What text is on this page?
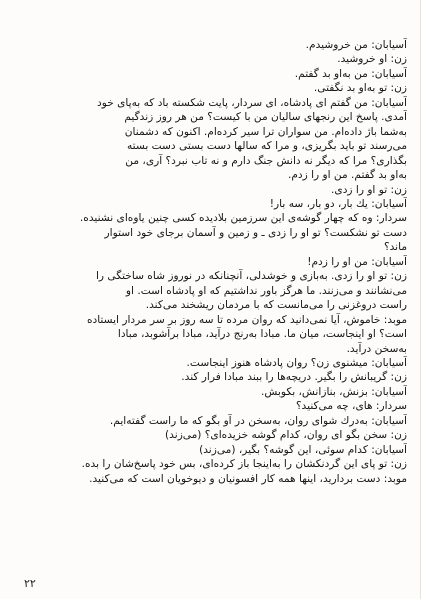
آسیابان: من خروشیدم.
زن: او خروشید.
آسیابان: من به‌او بد گفتم.
زن: تو به‌او بد نگفتی.
آسیابان: من گفتم ای پادشاه، ای سردار، پایت شکسته باد که به‌پای خود
آمدی. پاسخ این رنجهای سالیان من با کیست؟ من هر روز زندگیم
به‌شما باژ داده‌ام. من سواران ترا سیر کرده‌ام. اکنون که دشمنان
می‌رسند تو باید بگریزی، و مرا که سالها دست بستی دست بسته
بگذاری؟ مرا که دیگر نه دانش جنگ دارم و نه تاب نبرد؟ آری، من
به‌او بد گفتم. من او را زدم.
زن: تو او را زدی.
آسیابان: یك بار، دو بار، سه بار!
سردار: وه که چهار گوشه‌ی این سرزمین بلادیده کسی چنین یاوه‌ای نشنیده.
دست تو نشکست؟ تو او را زدی ـ و زمین و آسمان برجای خود استوار
ماند؟
آسیابان: من او را زدم!
زن: تو او را زدی. به‌بازی و خوشدلی، آنچنانکه در نوروز شاه ساختگی را
می‌نشانند و می‌زنند. ما هرگز باور نداشتیم که او پادشاه است. او
راست دروغزنی را می‌مانست که با مردمان ریشخند می‌کند.
موبد: خاموش، آیا نمی‌دانید که روان مرده تا سه روز بر سر مردار ایستاده
است؟ او اینجاست، میان ما. مبادا به‌رنج درآید، مبادا برآشوبد، مبادا
به‌سخن درآید.
آسیابان: میشنوی زن؟ روان پادشاه هنوز اینجاست.
زن: گریبانش را بگیر. دریچه‌ها را ببند مبادا فرار کند.
آسیابان: بزنش، بنازانش، بکوبش.
سردار: های، چه می‌کنید؟
آسیابان: به‌درك شوای روان، به‌سخن در آو بگو که ما راست گفته‌ایم.
زن: سخن بگو ای روان، کدام گوشه خزیده‌ای؟ (می‌زند)
آسیابان: کدام سوئی، این گوشه؟ بگیر، (می‌زند)
زن: تو پای این گردنکشان را به‌اینجا باز کرده‌ای، بس خود پاسخ‌شان را بده.
موبد: دست بردارید، اینها همه کار افسونیان و دیوخویان است که می‌کنید.
۲۲
